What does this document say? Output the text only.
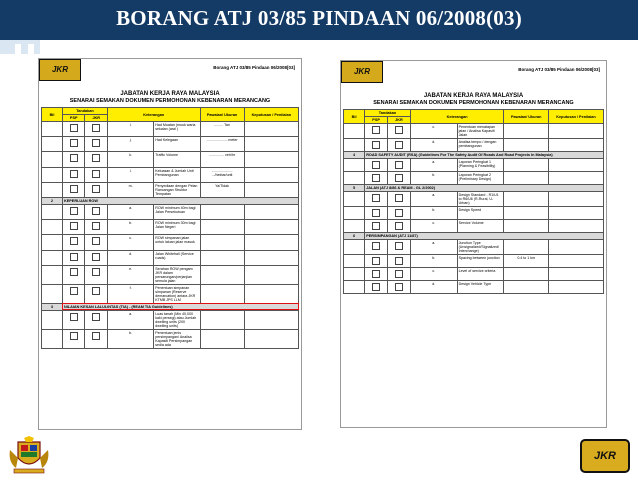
BORANG ATJ 03/85 PINDAAN 06/2008(03)
JKR	Borang ATJ 03/85 Pindaan 06/2008[03]
JABATAN KERJA RAYA MALAYSIA
SENARAI SEMAKAN DOKUMEN PERMOHONAN KEBENARAN MERANCANG
Bil	Tandakan		Keterangan		Pawaian/ Ukuran	Keputusan / Penilaian
	PSP	JKR				
			i.	Had Muatan (muuk waria sekalan (aral )	......... Tan	
			j.	Had Kelegaan	..................... meter	
			k.	Traffic Volume	............... veh/hr	
			l.	Keluasan & Jumlah Unit Pembangunan	..................... .../hektar/unit	
			m.	Penyediaan dengan Pelan Rancangan Struktur Tempatan	Ya/Tidak	
2	KEPERLUAN ROW					
			a.	ROW minimum 40m bagi Jalan Persekutuan		
			b.	ROW minimum 30m bagi Jalan Negeri		
			c.	ROW simpanan jalan untuk laluan jalan masuk		
			d.	Jalan Whitehall (Service roads)		
			e.	Serahan ROW pengam JKR dalam persarungan/perjanjian semula jalan		
			f.	Penentuan simpanan simpanan (Reserve demarcation) antara JKR KTMB JPS LLM		
3	NILAIAN KESAN LALULINTAS (TIA) - (REAM TIA Guidelines)					
			a.	Luas tanah (Min 40,000 kaki persegi) atau Jumlah dwelling units (200 dwelling units)		
			b.	Penentuan jenis persimpangan/ Analisa Kapasiti Persimpangan sedia ada		
JKR	Borang ATJ 03/85 Pindaan 06/2008[03]
JABATAN KERJA RAYA MALAYSIA
SENARAI SEMAKAN DOKUMEN PERMOHONAN KEBENARAN MERANCANG
Bil	Tandakan		Keterangan		Pawaian/ Ukuran	Keputusan / Penilaian
	PSP	JKR				
			c.	Penentuan menatapan jalan / Analisa Kapasiti Jalan		
			d.	Analisa tempo / dengan pembangunan		
4	ROAD SAFETY AUDIT (RSA) (Guidelines For The Safety Audit Of Roads And Road Projects In Malaysia)					
			a.	Laporan Peringkat 1 (Planning & Feasibility)		
			b.	Laporan Peringkat 2 (Preliminary Design)		
5	JALAN (ATJ 8/86 & REAM - GL 2/2002)					
			a.	Design Standard - R1/U1 to R6/U6 (R-Rural, U-Urban)		
			b.	Design Speed		
			c.	Service Volume		
6	PERSIMPANGAN (ATJ 11/87)					
			a.	Junction Type (Unsignalized/Signalized/ Interchange)		
			b.	Spacing between junction	0.4 to 1 km	
			c.	Level of service criteria		
			d.	Design Vehicle Type		
JKR
